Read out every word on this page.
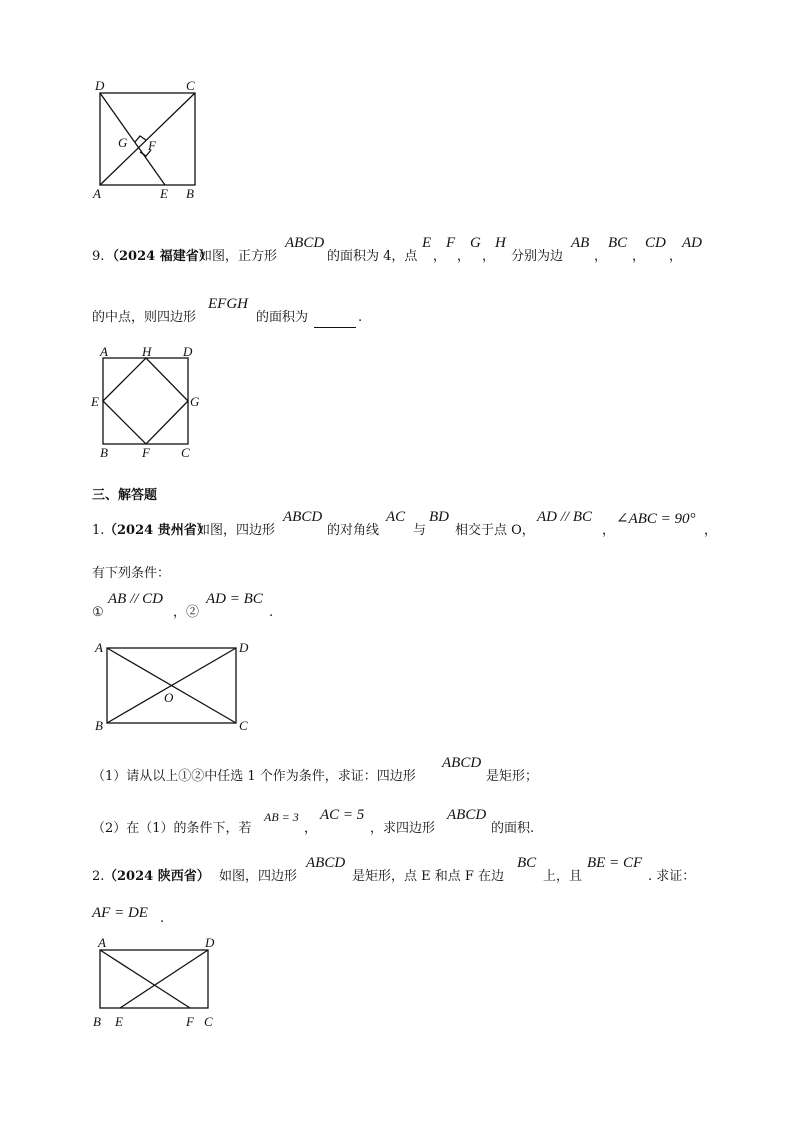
D	C
G F
A	E B
9. （2024 福建省）
如图，正方形
ABCD
的面积为 4，点
E
，
F
，
G
，
H
分别为边
AB
，
BC
，
CD
，
AD
的中点，则四边形
EFGH
的面积为	.
A	H D
E	G
B	F C
三、解答题
1. （2024 贵州省）
如图，四边形
ABCD
的对角线
AC
与
BD
相交于点 O，
AD // BC
，
∠ABC = 90°
，
有下列条件：
①
AB // CD
，②
AD = BC
.
A	D
O
B	C
（1）请从以上①②中任选 1 个作为条件，求证：四边形
ABCD
是矩形；
（2）在（1）的条件下，若
AB = 3
，
AC = 5
，求四边形
ABCD
的面积.
2. （2024 陕西省） 如图，四边形
ABCD
是矩形，点 E 和点 F 在边
BC
上，且
BE = CF
. 求证：
AF = DE .
A	D
B E	F C
